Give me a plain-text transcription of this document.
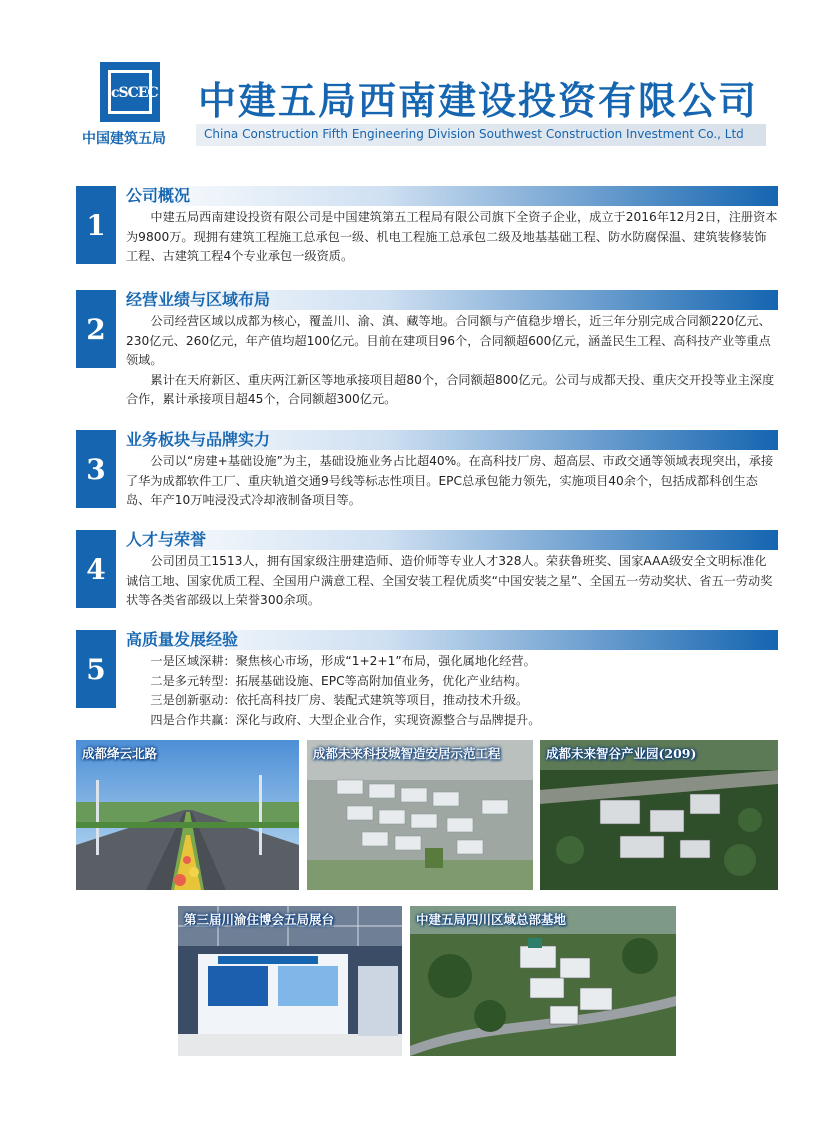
cSCEC
中国建筑五局
中建五局西南建设投资有限公司
China Construction Fifth Engineering Division Southwest Construction Investment Co., Ltd
1
公司概况

中建五局西南建设投资有限公司是中国建筑第五工程局有限公司旗下全资子企业，成立于2016年12月2日，注册资本为9800万。现拥有建筑工程施工总承包一级、机电工程施工总承包二级及地基基础工程、防水防腐保温、建筑装修装饰工程、古建筑工程4个专业承包一级资质。

2
经营业绩与区域布局

公司经营区域以成都为核心，覆盖川、渝、滇、藏等地。合同额与产值稳步增长，近三年分别完成合同额220亿元、230亿元、260亿元，年产值均超100亿元。目前在建项目96个，合同额超600亿元，涵盖民生工程、高科技产业等重点领域。

累计在天府新区、重庆两江新区等地承接项目超80个，合同额超800亿元。公司与成都天投、重庆交开投等业主深度合作，累计承接项目超45个，合同额超300亿元。

3
业务板块与品牌实力

公司以“房建+基础设施”为主，基础设施业务占比超40%。在高科技厂房、超高层、市政交通等领域表现突出，承接了华为成都软件工厂、重庆轨道交通9号线等标志性项目。EPC总承包能力领先，实施项目40余个，包括成都科创生态岛、年产10万吨浸没式冷却液制备项目等。

4
人才与荣誉

公司团员工1513人，拥有国家级注册建造师、造价师等专业人才328人。荣获鲁班奖、国家AAA级安全文明标准化诚信工地、国家优质工程、全国用户满意工程、全国安装工程优质奖“中国安装之星”、全国五一劳动奖状、省五一劳动奖状等各类省部级以上荣誉300余项。

5
高质量发展经验

一是区域深耕：聚焦核心市场，形成“1+2+1”布局，强化属地化经营。

二是多元转型：拓展基础设施、EPC等高附加值业务，优化产业结构。

三是创新驱动：依托高科技厂房、装配式建筑等项目，推动技术升级。

四是合作共赢：深化与政府、大型企业合作，实现资源整合与品牌提升。

成都绛云北路	成都未来科技城智造安居示范工程	成都未来智谷产业园(209)
第三届川渝住博会五局展台	中建五局四川区域总部基地
